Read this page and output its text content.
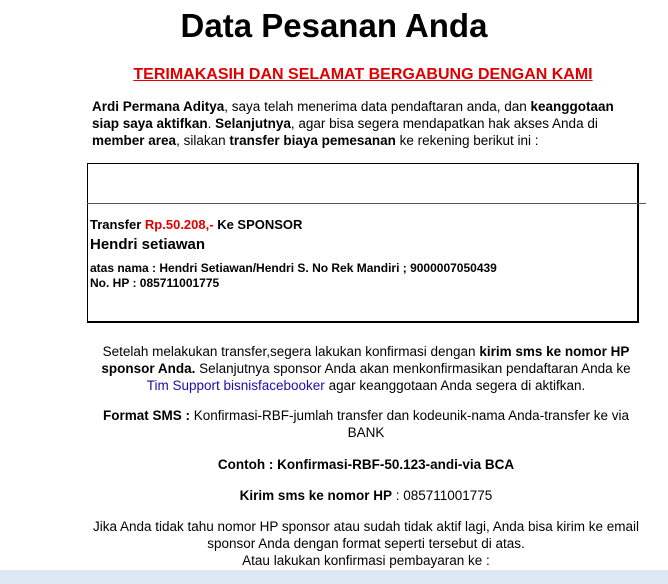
Data Pesanan Anda
TERIMAKASIH DAN SELAMAT BERGABUNG DENGAN KAMI
Ardi Permana Aditya, saya telah menerima data pendaftaran anda, dan keanggotaan siap saya aktifkan. Selanjutnya, agar bisa segera mendapatkan hak akses Anda di member area, silakan transfer biaya pemesanan ke rekening berikut ini :
Transfer Rp.50.208,- Ke SPONSOR
Hendri setiawan
atas nama : Hendri Setiawan/Hendri S. No Rek Mandiri ; 9000007050439
No. HP : 085711001775
Setelah melakukan transfer,segera lakukan konfirmasi dengan kirim sms ke nomor HP sponsor Anda. Selanjutnya sponsor Anda akan menkonfirmasikan pendaftaran Anda ke Tim Support bisnisfacebooker agar keanggotaan Anda segera di aktifkan.
Format SMS : Konfirmasi-RBF-jumlah transfer dan kodeunik-nama Anda-transfer ke via BANK
Contoh : Konfirmasi-RBF-50.123-andi-via BCA
Kirim sms ke nomor HP : 085711001775
Jika Anda tidak tahu nomor HP sponsor atau sudah tidak aktif lagi, Anda bisa kirim ke email sponsor Anda dengan format seperti tersebut di atas.
Atau lakukan konfirmasi pembayaran ke :
